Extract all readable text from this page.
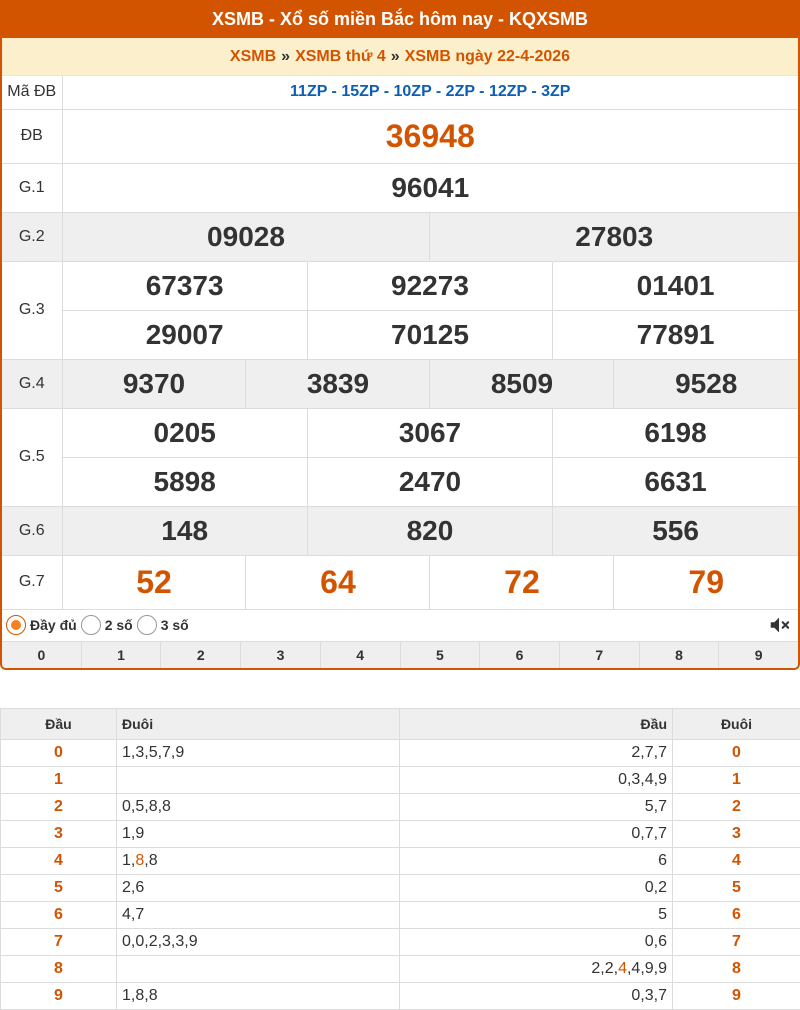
XSMB - Xổ số miền Bắc hôm nay - KQXSMB
XSMB » XSMB thứ 4 » XSMB ngày 22-4-2026
Mã ĐB	11ZP - 15ZP - 10ZP - 2ZP - 12ZP - 3ZP					
ĐB	36948					
G.1	96041					
G.2	09028			27803		
G.3	67373		92273		01401	
	29007		70125		77891	
G.4	9370	3839		8509		9528
G.5	0205		3067		6198	
	5898		2470		6631	
G.6	148		820		556	
G.7	52	64		72		79
Đầy đủ 2 số 3 số
0	1	2	3	4	5	6	7	8	9
Đầu	Đuôi	Đầu	Đuôi
0	1,3,5,7,9	2,7,7	0
1		0,3,4,9	1
2	0,5,8,8	5,7	2
3	1,9	0,7,7	3
4	1,8,8	6	4
5	2,6	0,2	5
6	4,7	5	6
7	0,0,2,3,3,9	0,6	7
8		2,2,4,4,9,9	8
9	1,8,8	0,3,7	9
